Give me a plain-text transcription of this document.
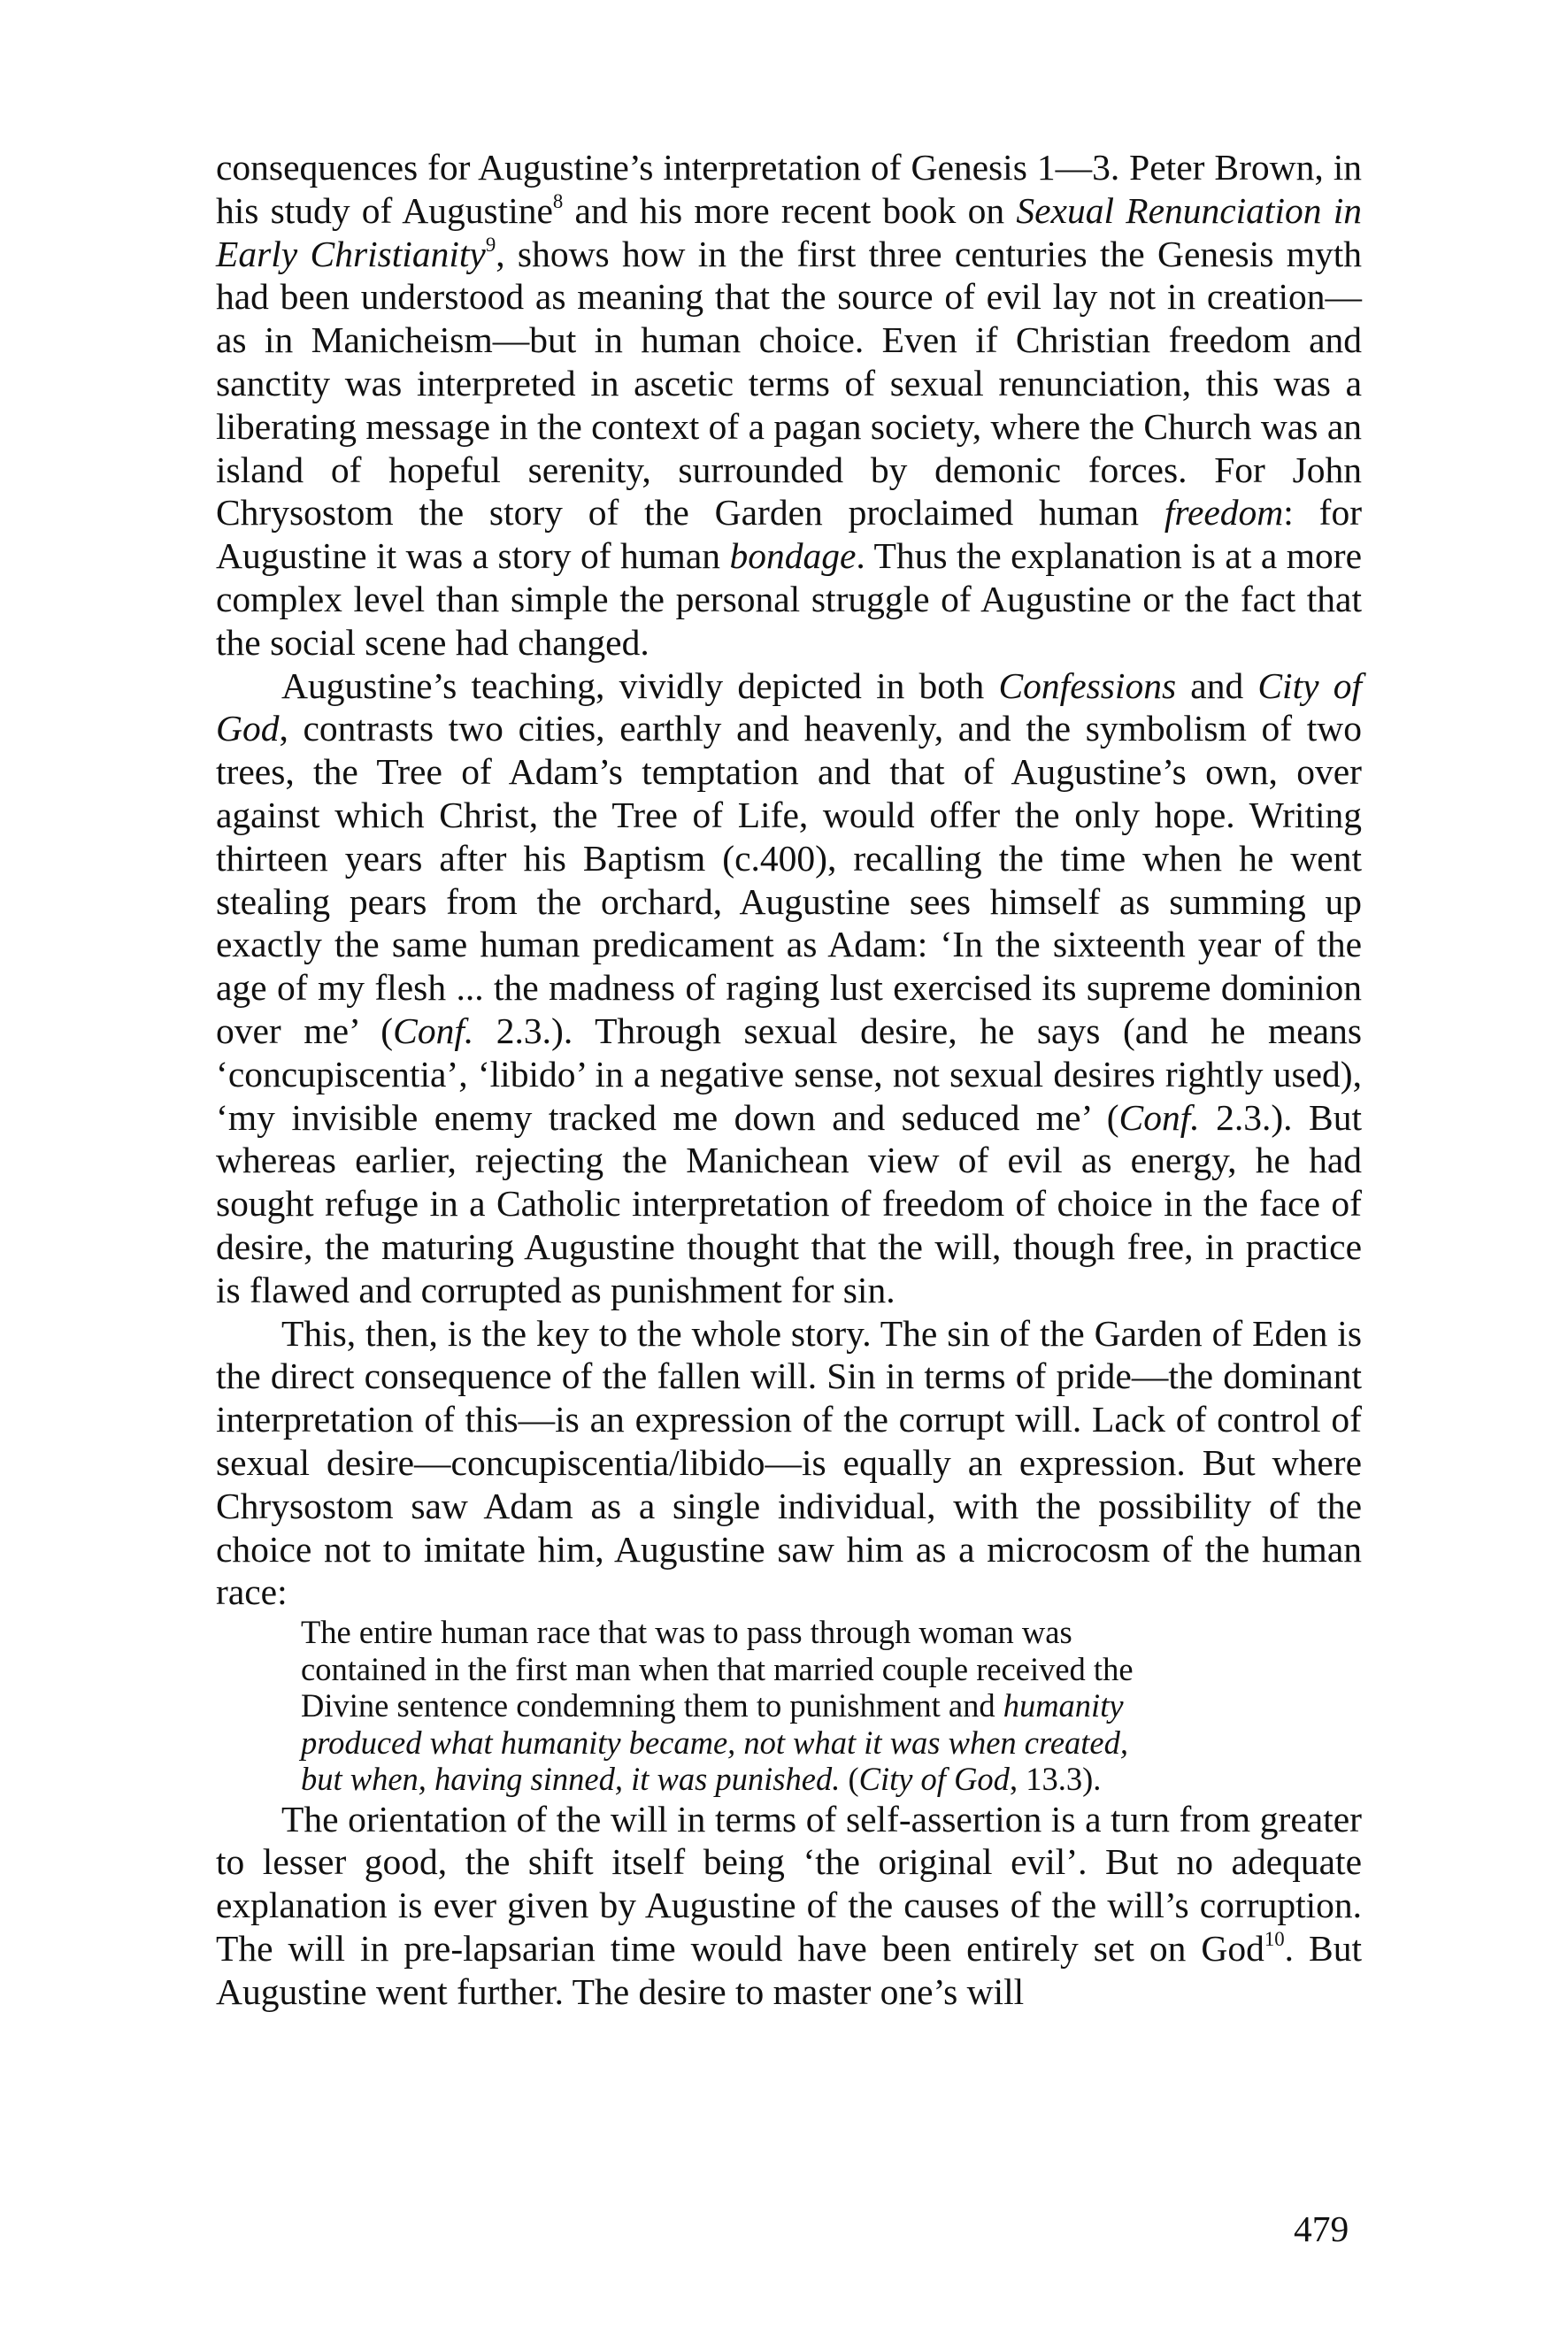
consequences for Augustine’s interpretation of Genesis 1—3. Peter Brown, in his study of Augustine$^8$ and his more recent book on Sexual Renunciation in Early Christianity$^9$, shows how in the first three centuries the Genesis myth had been understood as meaning that the source of evil lay not in creation—as in Manicheism—but in human choice. Even if Christian freedom and sanctity was interpreted in ascetic terms of sexual renunciation, this was a liberating message in the context of a pagan society, where the Church was an island of hopeful serenity, surrounded by demonic forces. For John Chrysostom the story of the Garden proclaimed human freedom: for Augustine it was a story of human bondage. Thus the explanation is at a more complex level than simple the personal struggle of Augustine or the fact that the social scene had changed.

Augustine’s teaching, vividly depicted in both Confessions and City of God, contrasts two cities, earthly and heavenly, and the symbolism of two trees, the Tree of Adam’s temptation and that of Augustine’s own, over against which Christ, the Tree of Life, would offer the only hope. Writing thirteen years after his Baptism (c.400), recalling the time when he went stealing pears from the orchard, Augustine sees himself as summing up exactly the same human predicament as Adam: ‘In the sixteenth year of the age of my flesh ... the madness of raging lust exercised its supreme dominion over me’ (Conf. 2.3.). Through sexual desire, he says (and he means ‘concupiscentia’, ‘libido’ in a negative sense, not sexual desires rightly used), ‘my invisible enemy tracked me down and seduced me’ (Conf. 2.3.). But whereas earlier, rejecting the Manichean view of evil as energy, he had sought refuge in a Catholic interpretation of freedom of choice in the face of desire, the maturing Augustine thought that the will, though free, in practice is flawed and corrupted as punishment for sin.

This, then, is the key to the whole story. The sin of the Garden of Eden is the direct consequence of the fallen will. Sin in terms of pride—the dominant interpretation of this—is an expression of the corrupt will. Lack of control of sexual desire—concupiscentia/libido—is equally an expression. But where Chrysostom saw Adam as a single individual, with the possibility of the choice not to imitate him, Augustine saw him as a microcosm of the human race:

The entire human race that was to pass through woman was
contained in the first man when that married couple received the
Divine sentence condemning them to punishment and humanity
produced what humanity became, not what it was when created,
but when, having sinned, it was punished. (City of God, 13.3).

The orientation of the will in terms of self-assertion is a turn from greater to lesser good, the shift itself being ‘the original evil’. But no adequate explanation is ever given by Augustine of the causes of the will’s corruption. The will in pre-lapsarian time would have been entirely set on God$^{10}$. But Augustine went further. The desire to master one’s will

479
